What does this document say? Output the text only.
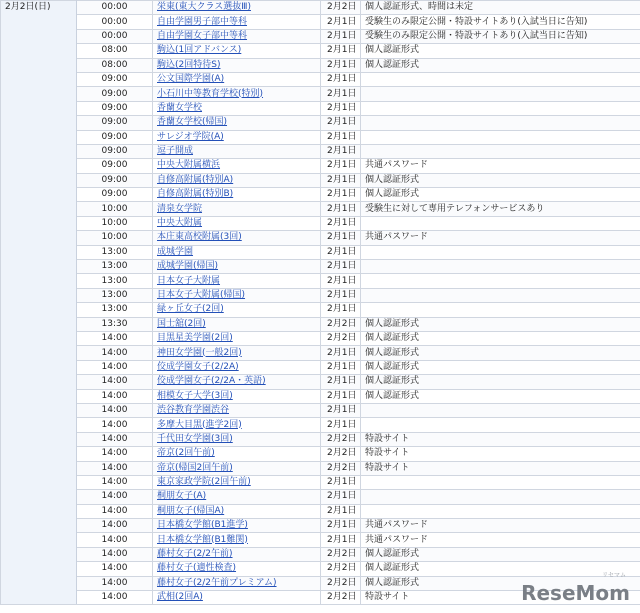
2月2日(日)	00:00	栄東(東大クラス選抜Ⅲ)	2月2日	個人認証形式、時間は未定
	00:00	自由学園男子部中等科	2月1日	受験生のみ限定公開・特設サイトあり(入試当日に告知)
	00:00	自由学園女子部中等科	2月1日	受験生のみ限定公開・特設サイトあり(入試当日に告知)
	08:00	駒込(1回アドバンス)	2月1日	個人認証形式
	08:00	駒込(2回特待S)	2月1日	個人認証形式
	09:00	公文国際学園(A)	2月1日	
	09:00	小石川中等教育学校(特別)	2月1日	
	09:00	香蘭女学校	2月1日	
	09:00	香蘭女学校(帰国)	2月1日	
	09:00	サレジオ学院(A)	2月1日	
	09:00	逗子開成	2月1日	
	09:00	中央大附属横浜	2月1日	共通パスワード
	09:00	自修高附属(特別A)	2月1日	個人認証形式
	09:00	自修高附属(特別B)	2月1日	個人認証形式
	10:00	清泉女学院	2月1日	受験生に対して専用テレフォンサービスあり
	10:00	中央大附属	2月1日	
	10:00	本庄東高校附属(3回)	2月1日	共通パスワード
	13:00	成城学園	2月1日	
	13:00	成城学園(帰国)	2月1日	
	13:00	日本女子大附属	2月1日	
	13:00	日本女子大附属(帰国)	2月1日	
	13:00	緑ヶ丘女子(2回)	2月1日	
	13:30	国士舘(2回)	2月2日	個人認証形式
	14:00	目黒星美学園(2回)	2月2日	個人認証形式
	14:00	神田女学園(一般2回)	2月1日	個人認証形式
	14:00	佼成学園女子(2/2A)	2月1日	個人認証形式
	14:00	佼成学園女子(2/2A・英語)	2月1日	個人認証形式
	14:00	相模女子大学(3回)	2月1日	個人認証形式
	14:00	渋谷教育学園渋谷	2月1日	
	14:00	多摩大目黒(進学2回)	2月1日	
	14:00	千代田女学園(3回)	2月2日	特設サイト
	14:00	帝京(2回午前)	2月2日	特設サイト
	14:00	帝京(帰国2回午前)	2月2日	特設サイト
	14:00	東京家政学院(2回午前)	2月1日	
	14:00	桐朋女子(A)	2月1日	
	14:00	桐朋女子(帰国A)	2月1日	
	14:00	日本橋女学館(B1進学)	2月1日	共通パスワード
	14:00	日本橋女学館(B1難関)	2月1日	共通パスワード
	14:00	藤村女子(2/2午前)	2月2日	個人認証形式
	14:00	藤村女子(適性検査)	2月2日	個人認証形式
	14:00	藤村女子(2/2午前プレミアム)	2月2日	個人認証形式
	14:00	武相(2回A)	2月2日	特設サイト
リセマム
ReseMom
